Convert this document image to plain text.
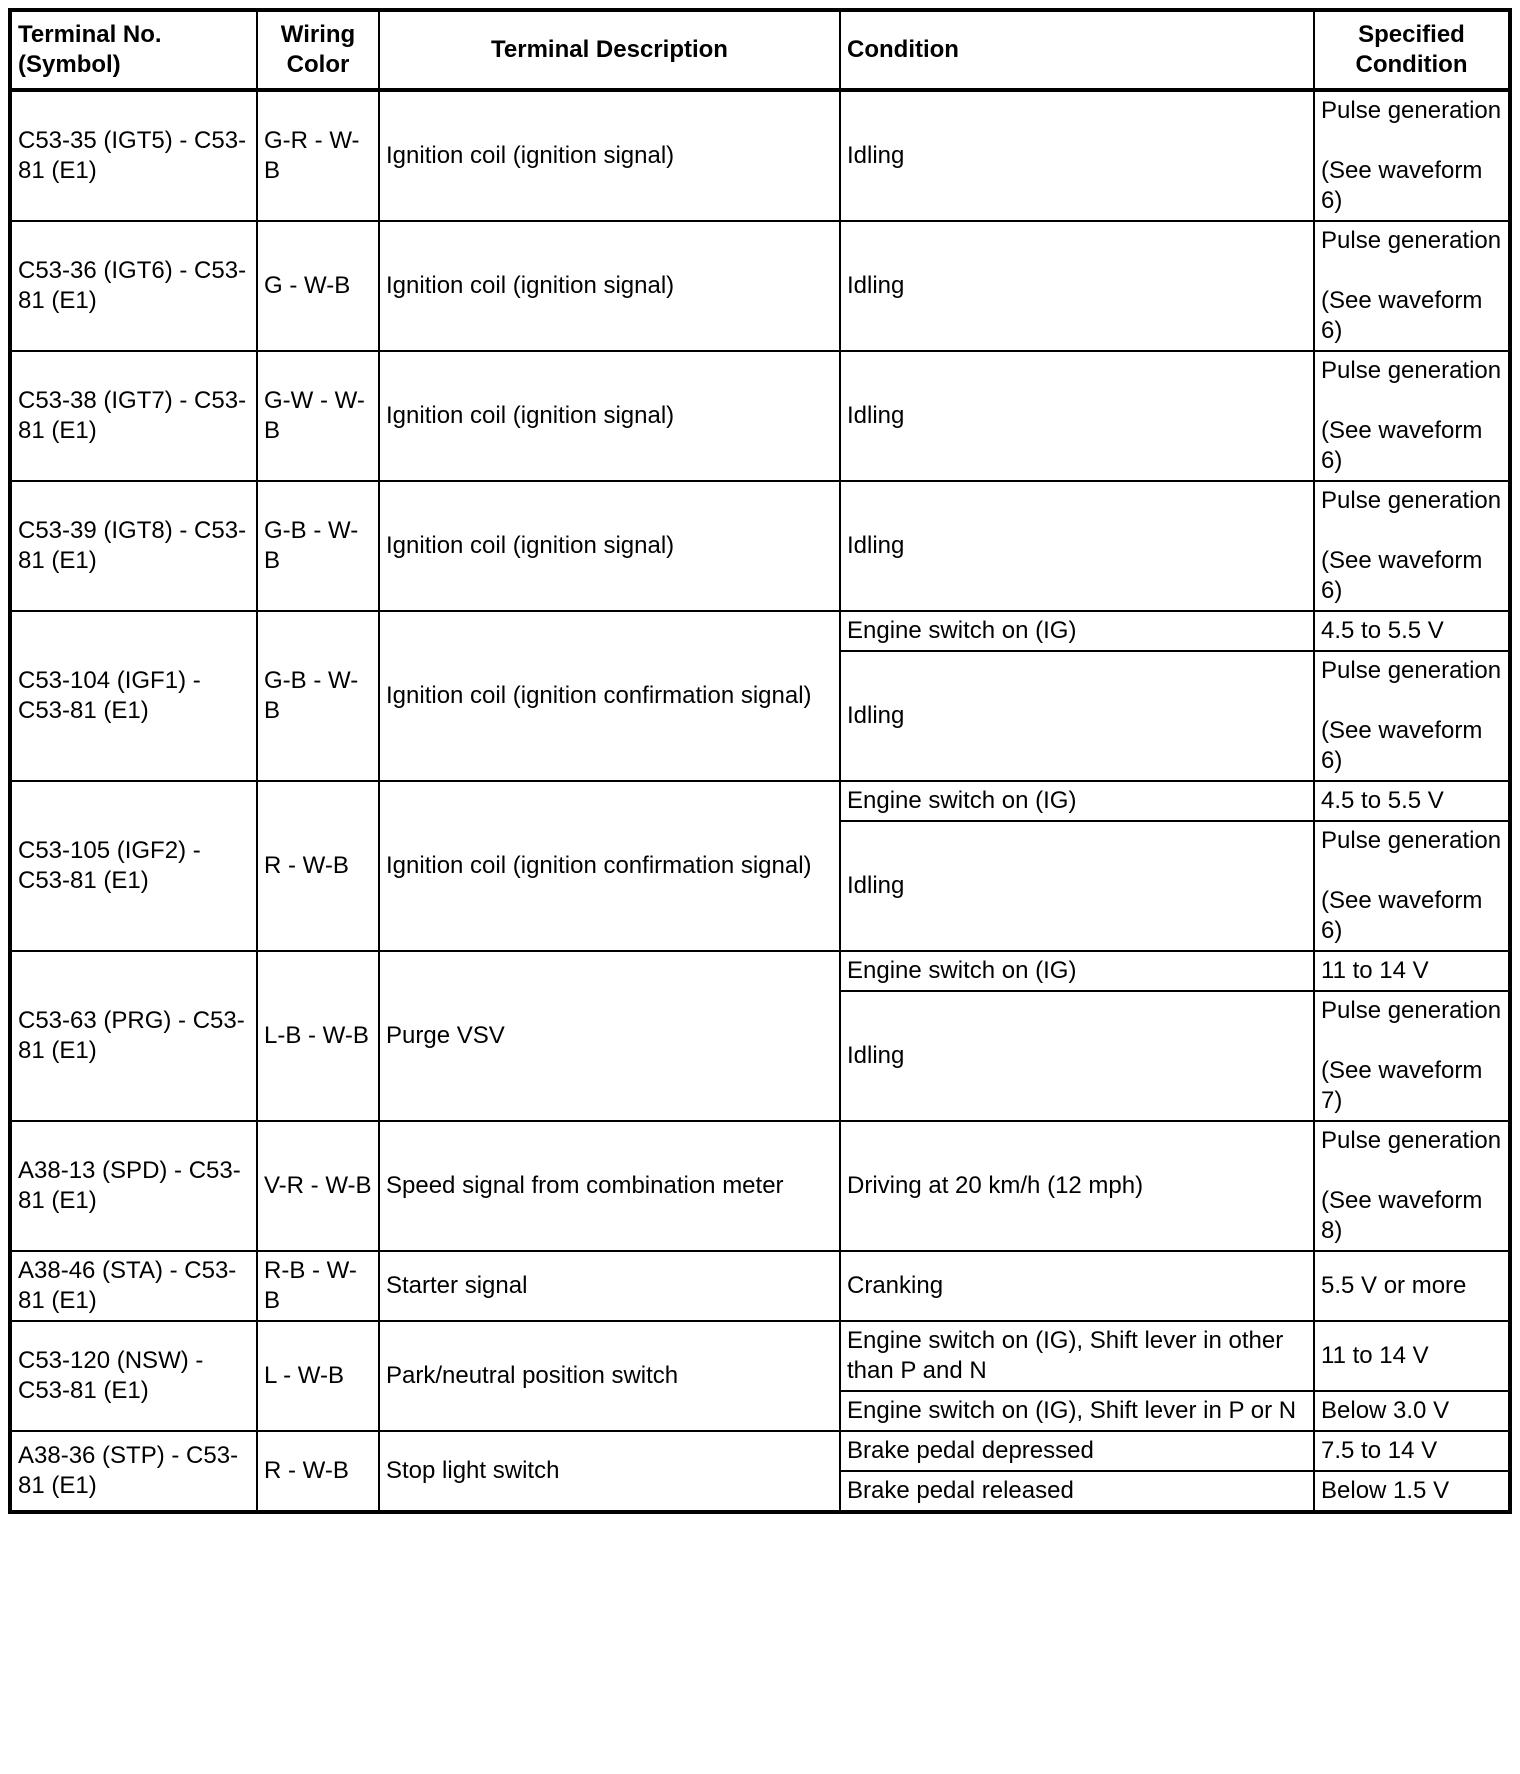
Terminal No. (Symbol)	Wiring Color	Terminal Description	Condition	Specified Condition
C53-35 (IGT5) - C53-81 (E1)	G-R - W-B	Ignition coil (ignition signal)	Idling	Pulse generation

(See waveform 6)
C53-36 (IGT6) - C53-81 (E1)	G - W-B	Ignition coil (ignition signal)	Idling	Pulse generation

(See waveform 6)
C53-38 (IGT7) - C53-81 (E1)	G-W - W-B	Ignition coil (ignition signal)	Idling	Pulse generation

(See waveform 6)
C53-39 (IGT8) - C53-81 (E1)	G-B - W-B	Ignition coil (ignition signal)	Idling	Pulse generation

(See waveform 6)
C53-104 (IGF1) - C53-81 (E1)	G-B - W-B	Ignition coil (ignition confirmation signal)	Engine switch on (IG)	4.5 to 5.5 V
			Idling	Pulse generation

(See waveform 6)
C53-105 (IGF2) - C53-81 (E1)	R - W-B	Ignition coil (ignition confirmation signal)	Engine switch on (IG)	4.5 to 5.5 V
			Idling	Pulse generation

(See waveform 6)
C53-63 (PRG) - C53-81 (E1)	L-B - W-B	Purge VSV	Engine switch on (IG)	11 to 14 V
			Idling	Pulse generation

(See waveform 7)
A38-13 (SPD) - C53-81 (E1)	V-R - W-B	Speed signal from combination meter	Driving at 20 km/h (12 mph)	Pulse generation

(See waveform 8)
A38-46 (STA) - C53-81 (E1)	R-B - W-B	Starter signal	Cranking	5.5 V or more
C53-120 (NSW) - C53-81 (E1)	L - W-B	Park/neutral position switch	Engine switch on (IG), Shift lever in other than P and N	11 to 14 V
			Engine switch on (IG), Shift lever in P or N	Below 3.0 V
A38-36 (STP) - C53-81 (E1)	R - W-B	Stop light switch	Brake pedal depressed	7.5 to 14 V
			Brake pedal released	Below 1.5 V
